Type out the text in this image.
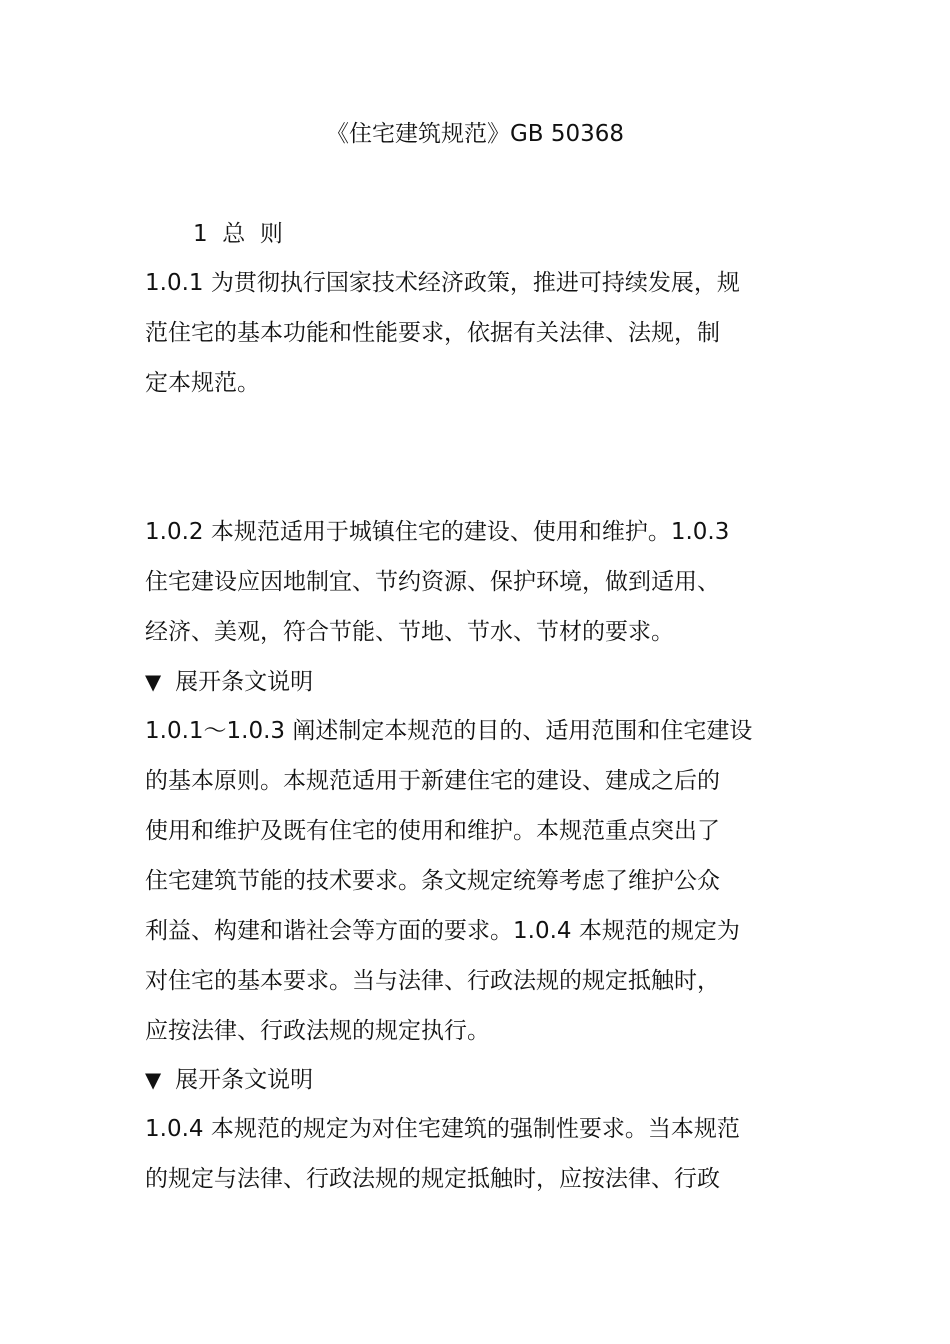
《住宅建筑规范》GB 50368
1  总  则
1.0.1 为贯彻执行国家技术经济政策，推进可持续发展，规
范住宅的基本功能和性能要求，依据有关法律、法规，制
定本规范。
1.0.2 本规范适用于城镇住宅的建设、使用和维护。1.0.3
住宅建设应因地制宜、节约资源、保护环境，做到适用、
经济、美观，符合节能、节地、节水、节材的要求。
▼ 展开条文说明
1.0.1～1.0.3 阐述制定本规范的目的、适用范围和住宅建设
的基本原则。本规范适用于新建住宅的建设、建成之后的
使用和维护及既有住宅的使用和维护。本规范重点突出了
住宅建筑节能的技术要求。条文规定统筹考虑了维护公众
利益、构建和谐社会等方面的要求。1.0.4 本规范的规定为
对住宅的基本要求。当与法律、行政法规的规定抵触时，
应按法律、行政法规的规定执行。
▼ 展开条文说明
1.0.4 本规范的规定为对住宅建筑的强制性要求。当本规范
的规定与法律、行政法规的规定抵触时，应按法律、行政
